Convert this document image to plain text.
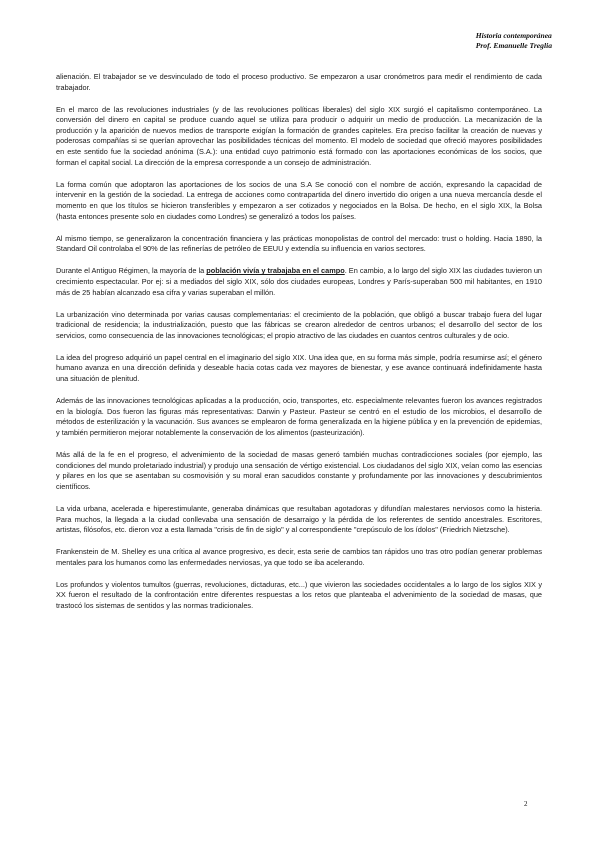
Historia contemporánea
Prof. Emanuelle Treglia

alienación. El trabajador se ve desvinculado de todo el proceso productivo. Se empezaron a usar cronómetros para medir el rendimiento de cada trabajador.

En el marco de las revoluciones industriales (y de las revoluciones políticas liberales) del siglo XIX surgió el capitalismo contemporáneo. La conversión del dinero en capital se produce cuando aquel se utiliza para producir o adquirir un medio de producción. La mecanización de la producción y la aparición de nuevos medios de transporte exigían la formación de grandes capiteles. Era preciso facilitar la creación de nuevas y poderosas compañías si se querían aprovechar las posibilidades técnicas del momento. El modelo de sociedad que ofreció mayores posibilidades en este sentido fue la sociedad anónima (S.A.): una entidad cuyo patrimonio está formado con las aportaciones económicas de los socios, que forman el capital social. La dirección de la empresa corresponde a un consejo de administración.

La forma común que adoptaron las aportaciones de los socios de una S.A Se conoció con el nombre de acción, expresando la capacidad de intervenir en la gestión de la sociedad. La entrega de acciones como contrapartida del dinero invertido dio origen a una nueva mercancía desde el momento en que los títulos se hicieron transferibles y empezaron a ser cotizados y negociados en la Bolsa. De hecho, en el siglo XIX, la Bolsa (hasta entonces presente solo en ciudades como Londres) se generalizó a todos los países.

Al mismo tiempo, se generalizaron la concentración financiera y las prácticas monopolistas de control del mercado: trust o holding. Hacia 1890, la Standard Oil controlaba el 90% de las refinerías de petróleo de EEUU y extendía su influencia en varios sectores.

Durante el Antiguo Régimen, la mayoría de la población vivía y trabajaba en el campo. En cambio, a lo largo del siglo XIX las ciudades tuvieron un crecimiento espectacular. Por ej: si a mediados del siglo XIX, sólo dos ciudades europeas, Londres y París-superaban 500 mil habitantes, en 1910 más de 25 habían alcanzado esa cifra y varias superaban el millón.

La urbanización vino determinada por varias causas complementarias: el crecimiento de la población, que obligó a buscar trabajo fuera del lugar tradicional de residencia; la industrialización, puesto que las fábricas se crearon alrededor de centros urbanos; el desarrollo del sector de los servicios, como consecuencia de las innovaciones tecnológicas; el propio atractivo de las ciudades en cuantos centros culturales y de ocio.

La idea del progreso adquirió un papel central en el imaginario del siglo XIX. Una idea que, en su forma más simple, podría resumirse así; el género humano avanza en una dirección definida y deseable hacia cotas cada vez mayores de bienestar, y ese avance continuará indefinidamente hasta una situación de plenitud.

Además de las innovaciones tecnológicas aplicadas a la producción, ocio, transportes, etc. especialmente relevantes fueron los avances registrados en la biología. Dos fueron las figuras más representativas: Darwin y Pasteur. Pasteur se centró en el estudio de los microbios, el desarrollo de métodos de esterilización y la vacunación. Sus avances se emplearon de forma generalizada en la higiene pública y en la prevención de epidemias, y también permitieron mejorar notablemente la conservación de los alimentos (pasteurización).

Más allá de la fe en el progreso, el advenimiento de la sociedad de masas generó también muchas contradicciones sociales (por ejemplo, las condiciones del mundo proletariado industrial) y produjo una sensación de vértigo existencial. Los ciudadanos del siglo XIX, veían como las esencias y pilares en los que se asentaban su cosmovisión y su moral eran sacudidos constante y profundamente por las innovaciones y descubrimientos científicos.

La vida urbana, acelerada e hiperestimulante, generaba dinámicas que resultaban agotadoras y difundían malestares nerviosos como la histeria. Para muchos, la llegada a la ciudad conllevaba una sensación de desarraigo y la pérdida de los referentes de sentido ancestrales. Escritores, artistas, filósofos, etc. dieron voz a esta llamada "crisis de fin de siglo" y al correspondiente "crepúsculo de los ídolos" (Friedrich Nietzsche).

Frankenstein de M. Shelley es una crítica al avance progresivo, es decir, esta serie de cambios tan rápidos uno tras otro podían generar problemas mentales para los humanos como las enfermedades nerviosas, ya que todo se iba acelerando.

Los profundos y violentos tumultos (guerras, revoluciones, dictaduras, etc...) que vivieron las sociedades occidentales a lo largo de los siglos XIX y XX fueron el resultado de la confrontación entre diferentes respuestas a los retos que planteaba el advenimiento de la sociedad de masas, que trastocó los sistemas de sentidos y las normas tradicionales.

2
